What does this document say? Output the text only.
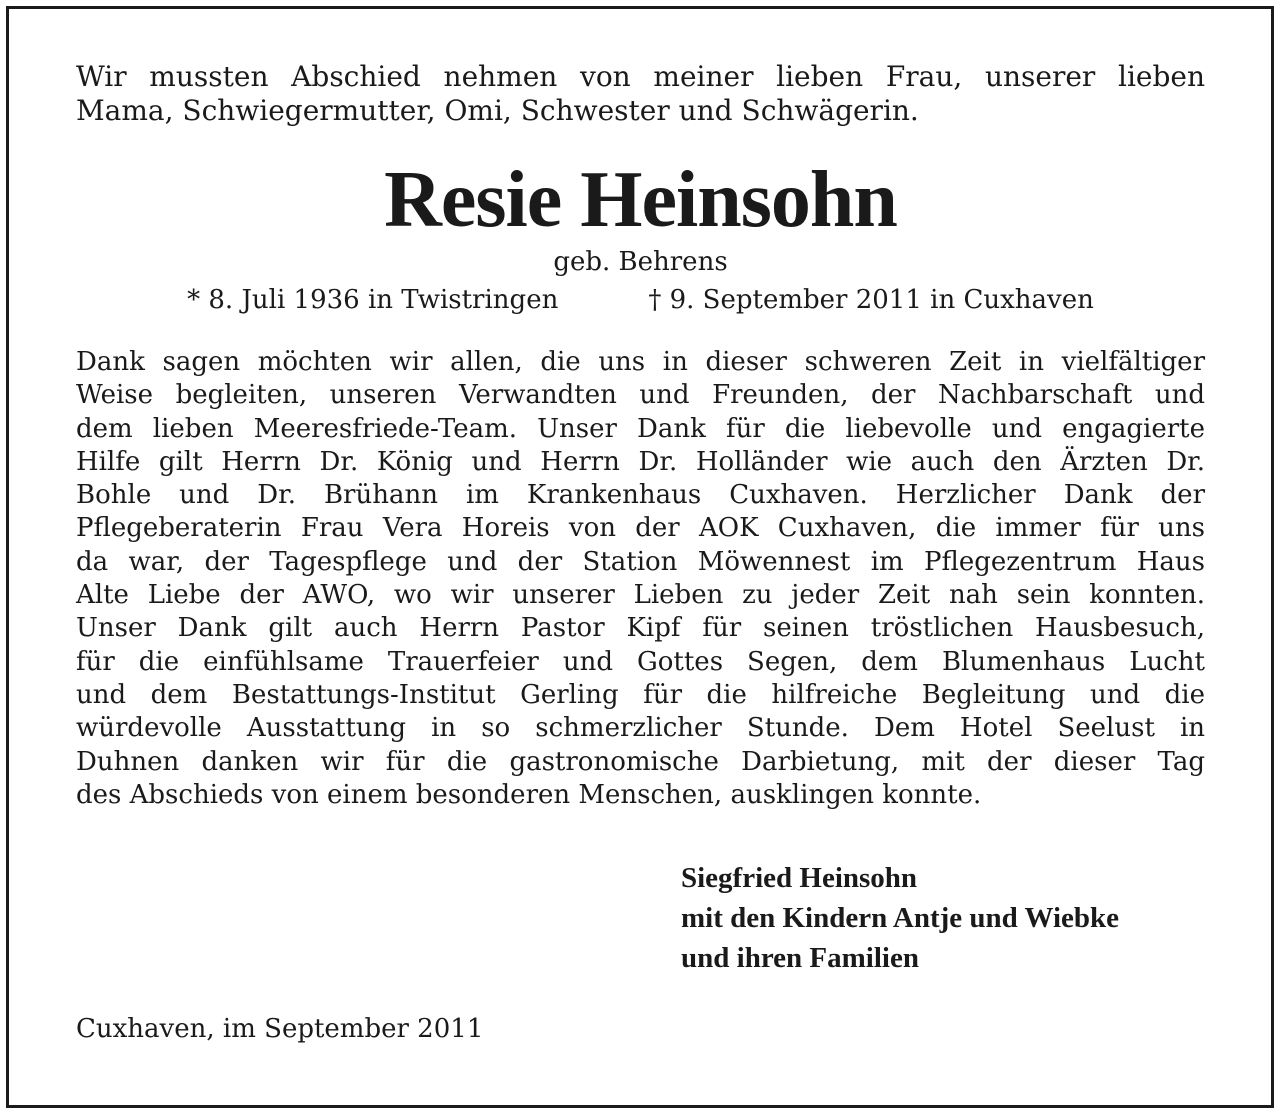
Wir mussten Abschied nehmen von meiner lieben Frau, unserer lieben
Mama, Schwiegermutter, Omi, Schwester und Schwägerin.

Resie Heinsohn
geb. Behrens
* 8. Juli 1936 in Twistringen	† 9. September 2011 in Cuxhaven
Dank sagen möchten wir allen, die uns in dieser schweren Zeit in vielfältiger
Weise begleiten, unseren Verwandten und Freunden, der Nachbarschaft und
dem lieben Meeresfriede-Team. Unser Dank für die liebevolle und engagierte
Hilfe gilt Herrn Dr. König und Herrn Dr. Holländer wie auch den Ärzten Dr.
Bohle und Dr. Brühann im Krankenhaus Cuxhaven. Herzlicher Dank der
Pflegeberaterin Frau Vera Horeis von der AOK Cuxhaven, die immer für uns
da war, der Tagespflege und der Station Möwennest im Pflegezentrum Haus
Alte Liebe der AWO, wo wir unserer Lieben zu jeder Zeit nah sein konnten.
Unser Dank gilt auch Herrn Pastor Kipf für seinen tröstlichen Hausbesuch,
für die einfühlsame Trauerfeier und Gottes Segen, dem Blumenhaus Lucht
und dem Bestattungs-Institut Gerling für die hilfreiche Begleitung und die
würdevolle Ausstattung in so schmerzlicher Stunde. Dem Hotel Seelust in
Duhnen danken wir für die gastronomische Darbietung, mit der dieser Tag
des Abschieds von einem besonderen Menschen, ausklingen konnte.
Siegfried Heinsohn
mit den Kindern Antje und Wiebke
und ihren Familien
Cuxhaven, im September 2011
